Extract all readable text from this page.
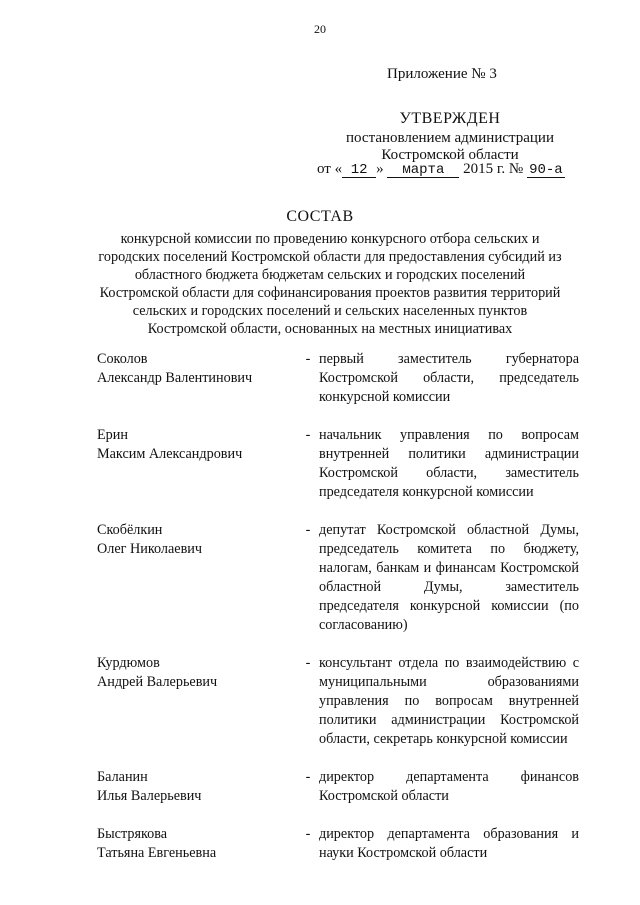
20
Приложение № 3
УТВЕРЖДЕН
постановлением администрации
Костромской области
от « 12 » марта 2015 г. № 90-а
СОСТАВ
конкурсной комиссии по проведению конкурсного отбора сельских и городских поселений Костромской области для предоставления субсидий из областного бюджета бюджетам сельских и городских поселений Костромской области для софинансирования проектов развития территорий сельских и городских поселений и сельских населенных пунктов Костромской области, основанных на местных инициативах
Соколов
Александр Валентинович
- первый заместитель губернатора Костромской области, председатель конкурсной комиссии
Ерин
Максим Александрович
- начальник управления по вопросам внутренней политики администрации Костромской области, заместитель председателя конкурсной комиссии
Скобёлкин
Олег Николаевич
- депутат Костромской областной Думы, председатель комитета по бюджету, налогам, банкам и финансам Костромской областной Думы, заместитель председателя конкурсной комиссии (по согласованию)
Курдюмов
Андрей Валерьевич
- консультант отдела по взаимодействию с муниципальными образованиями управления по вопросам внутренней политики администрации Костромской области, секретарь конкурсной комиссии
Баланин
Илья Валерьевич
- директор департамента финансов Костромской области
Быстрякова
Татьяна Евгеньевна
- директор департамента образования и науки Костромской области
